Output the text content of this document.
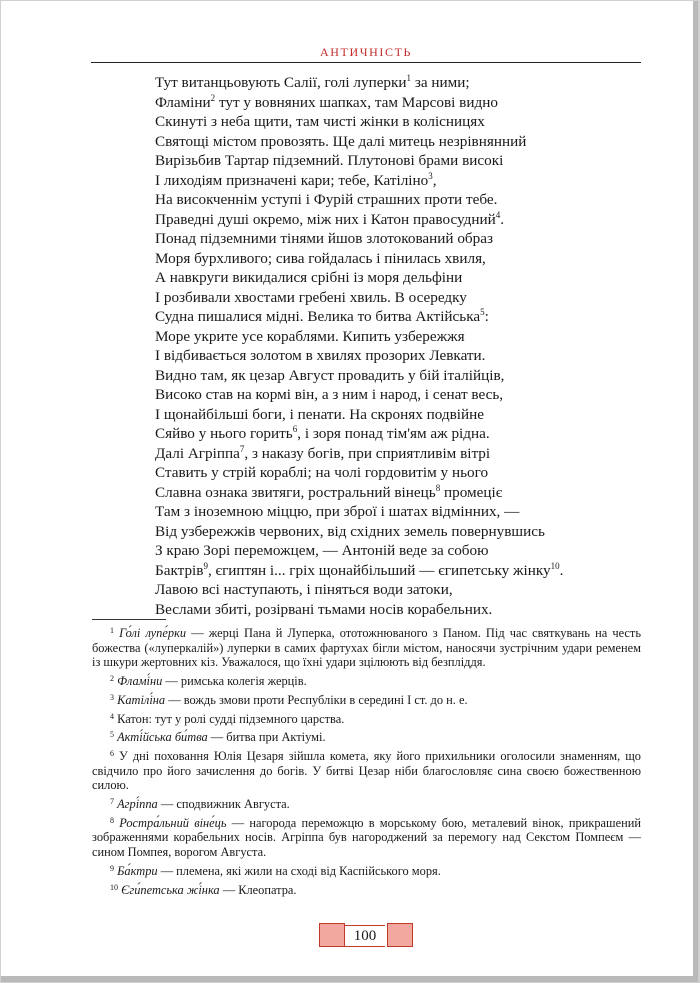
АНТИЧНІСТЬ
Тут витанцьовують Салії, голі луперки$^1$ за ними;
Фламіни$^2$ тут у вовняних шапках, там Марсові видно
Скинуті з неба щити, там чисті жінки в колісницях
Святощі містом провозять. Ще далі митець незрівнянний
Вирізьбив Тартар підземний. Плутонові брами високі
І лиходіям призначені кари; тебе, Катіліно$^3$,
На високченнім уступі і Фурій страшних проти тебе.
Праведні душі окремо, між них і Катон правосудний$^4$.
Понад підземними тінями йшов злотокований образ
Моря бурхливого; сива гойдалась і пінилась хвиля,
А навкруги викидалися срібні із моря дельфіни
І розбивали хвостами гребені хвиль. В осередку
Судна пишалися мідні. Велика то битва Актійська$^5$:
Море укрите усе кораблями. Кипить узбережжя
І відбивається золотом в хвилях прозорих Левкати.
Видно там, як цезар Август провадить у бій італійців,
Високо став на кормі він, а з ним і народ, і сенат весь,
І щонайбільші боги, і пенати. На скронях подвійне
Сяйво у нього горить$^6$, і зоря понад тім'ям аж рідна.
Далі Агріппа$^7$, з наказу богів, при сприятливім вітрі
Ставить у стрій кораблі; на чолі гордовитім у нього
Славна ознака звитяги, ростральний вінець$^8$ промеціє
Там з іноземною міццю, при зброї і шатах відмінних, —
Від узбережжів червоних, від східних земель повернувшись
З краю Зорі переможцем, — Антоній веде за собою
Бактрів$^9$, єгиптян і... гріх щонайбільший — єгипетську жінку$^{10}$.
Лавою всі наступають, і піняться води затоки,
Веслами збиті, розірвані тьмами носів корабельних.
$^1$ Го́лі лупе́рки — жерці Пана й Луперка, ототожнюваного з Паном. Під час святкувань на честь божества («луперкалій») луперки в самих фартухах бігли містом, наносячи зустрічним удари ременем із шкури жертовних кіз. Уважалося, що їхні удари зцілюють від безпліддя.
$^2$ Фламі́ни — римська колегія жерців.
$^3$ Катілі́на — вождь змови проти Республіки в середині І ст. до н. е.
$^4$ Катон: тут у ролі судді підземного царства.
$^5$ Акті́йська би́тва — битва при Актіумі.
$^6$ У дні поховання Юлія Цезаря зійшла комета, яку його прихильники оголосили знаменням, що свідчило про його зачислення до богів. У битві Цезар ніби благословляє сина своєю божественною силою.
$^7$ Агрі́ппа — сподвижник Августа.
$^8$ Ростра́льний віне́ць — нагорода переможцю в морському бою, металевий вінок, прикрашений зображеннями корабельних носів. Агріппа був нагороджений за перемогу над Секстом Помпеєм — сином Помпея, ворогом Августа.
$^9$ Ба́ктри — племена, які жили на сході від Каспійського моря.
$^{10}$ Єги́петська жі́нка — Клеопатра.
100
